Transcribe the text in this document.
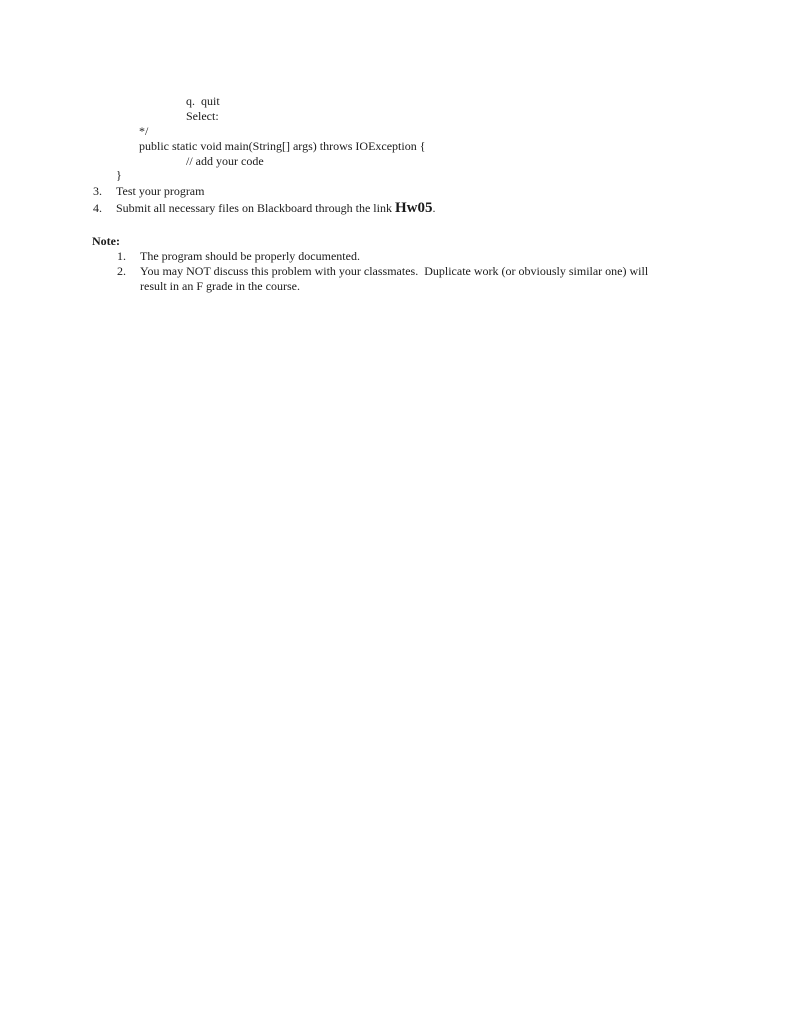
q.  quit
Select:
*/
public static void main(String[] args) throws IOException {
// add your code
}
3. Test your program
4. Submit all necessary files on Blackboard through the link Hw05.
Note:
1. The program should be properly documented.
2. You may NOT discuss this problem with your classmates.  Duplicate work (or obviously similar one) will
result in an F grade in the course.
